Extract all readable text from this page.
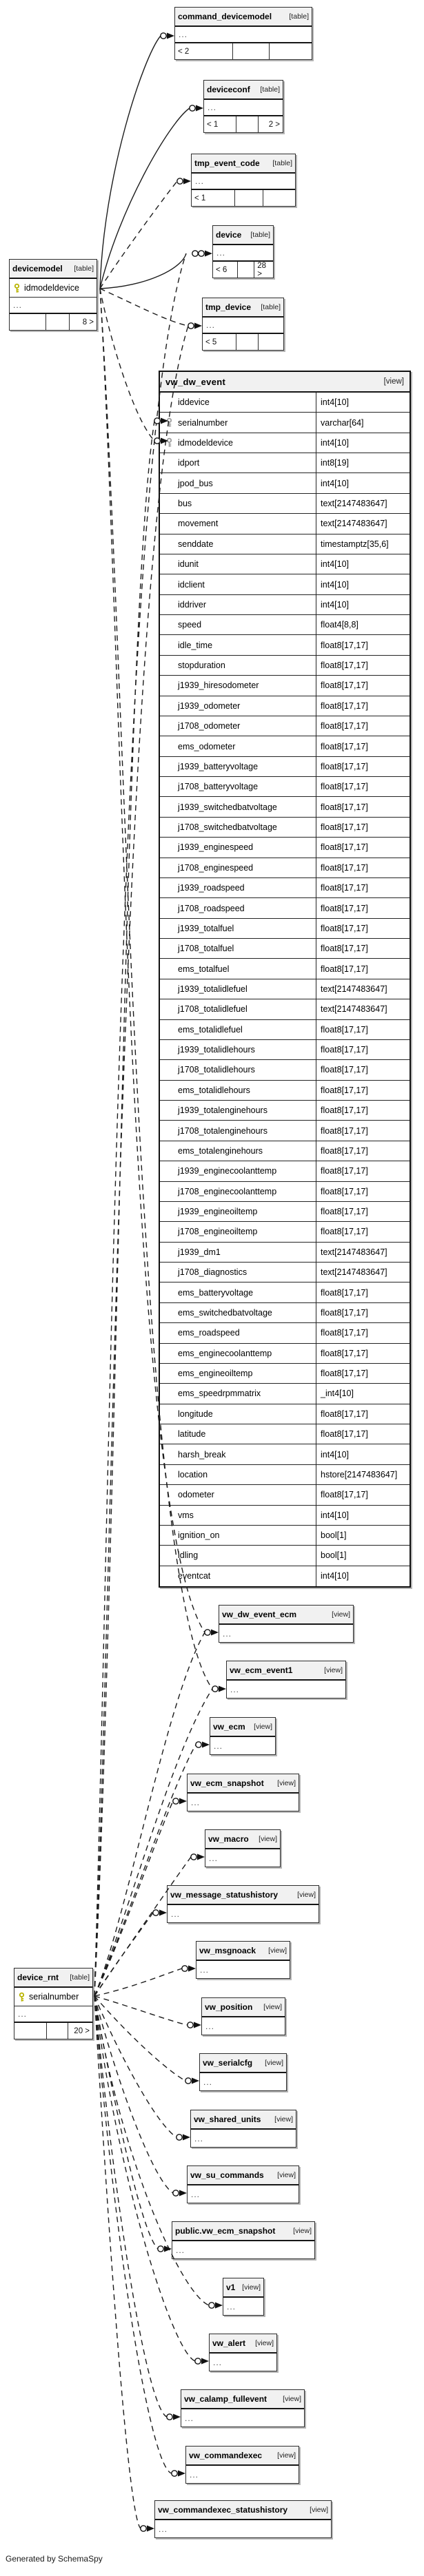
command_devicemodel [table]
...
< 2
deviceconf [table]
...
< 1	2 >
tmp_event_code [table]
...
< 1
device [table]
...
< 6	28 >
devicemodel [table]
idmodeldevice
...
8 >
tmp_device [table]
...
< 5
device_rnt [table]
serialnumber
...
20 >
vw_dw_event	[view]
iddevice	int4[10]
serialnumber	varchar[64]
idmodeldevice	int4[10]
idport	int8[19]
jpod_bus	int4[10]
bus	text[2147483647]
movement	text[2147483647]
senddate	timestamptz[35,6]
idunit	int4[10]
idclient	int4[10]
iddriver	int4[10]
speed	float4[8,8]
idle_time	float8[17,17]
stopduration	float8[17,17]
j1939_hiresodometer	float8[17,17]
j1939_odometer	float8[17,17]
j1708_odometer	float8[17,17]
ems_odometer	float8[17,17]
j1939_batteryvoltage	float8[17,17]
j1708_batteryvoltage	float8[17,17]
j1939_switchedbatvoltage	float8[17,17]
j1708_switchedbatvoltage	float8[17,17]
j1939_enginespeed	float8[17,17]
j1708_enginespeed	float8[17,17]
j1939_roadspeed	float8[17,17]
j1708_roadspeed	float8[17,17]
j1939_totalfuel	float8[17,17]
j1708_totalfuel	float8[17,17]
ems_totalfuel	float8[17,17]
j1939_totalidlefuel	text[2147483647]
j1708_totalidlefuel	text[2147483647]
ems_totalidlefuel	float8[17,17]
j1939_totalidlehours	float8[17,17]
j1708_totalidlehours	float8[17,17]
ems_totalidlehours	float8[17,17]
j1939_totalenginehours	float8[17,17]
j1708_totalenginehours	float8[17,17]
ems_totalenginehours	float8[17,17]
j1939_enginecoolanttemp	float8[17,17]
j1708_enginecoolanttemp	float8[17,17]
j1939_engineoiltemp	float8[17,17]
j1708_engineoiltemp	float8[17,17]
j1939_dm1	text[2147483647]
j1708_diagnostics	text[2147483647]
ems_batteryvoltage	float8[17,17]
ems_switchedbatvoltage	float8[17,17]
ems_roadspeed	float8[17,17]
ems_enginecoolanttemp	float8[17,17]
ems_engineoiltemp	float8[17,17]
ems_speedrpmmatrix	_int4[10]
longitude	float8[17,17]
latitude	float8[17,17]
harsh_break	int4[10]
location	hstore[2147483647]
odometer	float8[17,17]
vms	int4[10]
ignition_on	bool[1]
idling	bool[1]
eventcat	int4[10]
vw_dw_event_ecm	[view]
...
vw_ecm_event1	[view]
...
vw_ecm [view]
...
vw_ecm_snapshot [view]
...
vw_macro [view]
...
vw_message_statushistory	[view]
...
vw_msgnoack [view]
...
vw_position [view]
...
vw_serialcfg [view]
...
vw_shared_units [view]
...
vw_su_commands [view]
...
public.vw_ecm_snapshot [view]
...
v1 [view]
...
vw_alert [view]
...
vw_calamp_fullevent [view]
...
vw_commandexec [view]
...
vw_commandexec_statushistory	[view]
...
Generated by SchemaSpy
